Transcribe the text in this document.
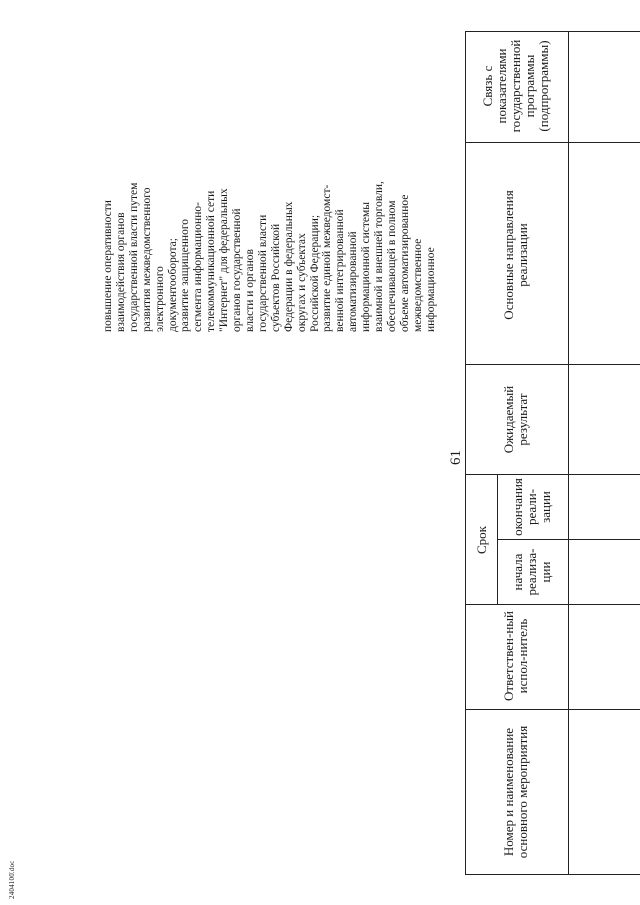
61
Номер и наименование основного мероприятия
Ответствен-ный испол-нитель
Срок
начала реализа-ции
окончания реали-зации
Ожидаемый результат
Основные направления реализации
Связь с показателями государственной программы (подпрограммы)

повышение оперативности
взаимодействия органов
государственной власти путем
развития межведомственного
электронного
документооборота;
развитие защищенного
сегмента информационно-
телекоммуникационной сети
"Интернет" для федеральных
органов государственной
власти и органов
государственной власти
субъектов Российской
Федерации в федеральных
округах и субъектах
Российской Федерации;
развитие единой межведомст-
венной интегрированной
автоматизированной
информационной системы
взаимной и внешней торговли,
обеспечивающей в полном
объеме автоматизированное
межведомственное
информационное
2404100̈.doc
